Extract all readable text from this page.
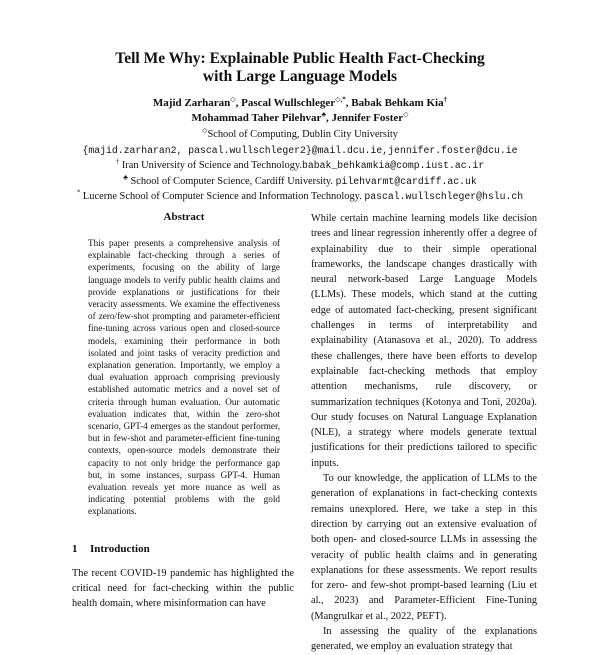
Tell Me Why: Explainable Public Health Fact-Checking
with Large Language Models
Majid Zarharan◇, Pascal Wullschleger◇,*, Babak Behkam Kia†
Mohammad Taher Pilehvar♣, Jennifer Foster◇
◇School of Computing, Dublin City University
{majid.zarharan2, pascal.wullschleger2}@mail.dcu.ie,jennifer.foster@dcu.ie
† Iran University of Science and Technology.babak_behkamkia@comp.iust.ac.ir
♣ School of Computer Science, Cardiff University. pilehvarmt@cardiff.ac.uk
* Lucerne School of Computer Science and Information Technology. pascal.wullschleger@hslu.ch
Abstract

This paper presents a comprehensive analysis of explainable fact-checking through a series of experiments, focusing on the ability of large language models to verify public health claims and provide explanations or justifications for their veracity assessments. We examine the effectiveness of zero/few-shot prompting and parameter-efficient fine-tuning across various open and closed-source models, examining their performance in both isolated and joint tasks of veracity prediction and explanation generation. Importantly, we employ a dual evaluation approach comprising previously established automatic metrics and a novel set of criteria through human evaluation. Our automatic evaluation indicates that, within the zero-shot scenario, GPT-4 emerges as the standout performer, but in few-shot and parameter-efficient fine-tuning contexts, open-source models demonstrate their capacity to not only bridge the performance gap but, in some instances, surpass GPT-4. Human evaluation reveals yet more nuance as well as indicating potential problems with the gold explanations.

1 Introduction

The recent COVID-19 pandemic has highlighted the critical need for fact-checking within the public health domain, where misinformation can have

While certain machine learning models like decision trees and linear regression inherently offer a degree of explainability due to their simple operational frameworks, the landscape changes drastically with neural network-based Large Language Models (LLMs). These models, which stand at the cutting edge of automated fact-checking, present significant challenges in terms of interpretability and explainability (Atanasova et al., 2020). To address these challenges, there have been efforts to develop explainable fact-checking methods that employ attention mechanisms, rule discovery, or summarization techniques (Kotonya and Toni, 2020a). Our study focuses on Natural Language Explanation (NLE), a strategy where models generate textual justifications for their predictions tailored to specific inputs.

To our knowledge, the application of LLMs to the generation of explanations in fact-checking contexts remains unexplored. Here, we take a step in this direction by carrying out an extensive evaluation of both open- and closed-source LLMs in assessing the veracity of public health claims and in generating explanations for these assessments. We report results for zero- and few-shot prompt-based learning (Liu et al., 2023) and Parameter-Efficient Fine-Tuning (Mangrulkar et al., 2022, PEFT).

In assessing the quality of the explanations generated, we employ an evaluation strategy that
